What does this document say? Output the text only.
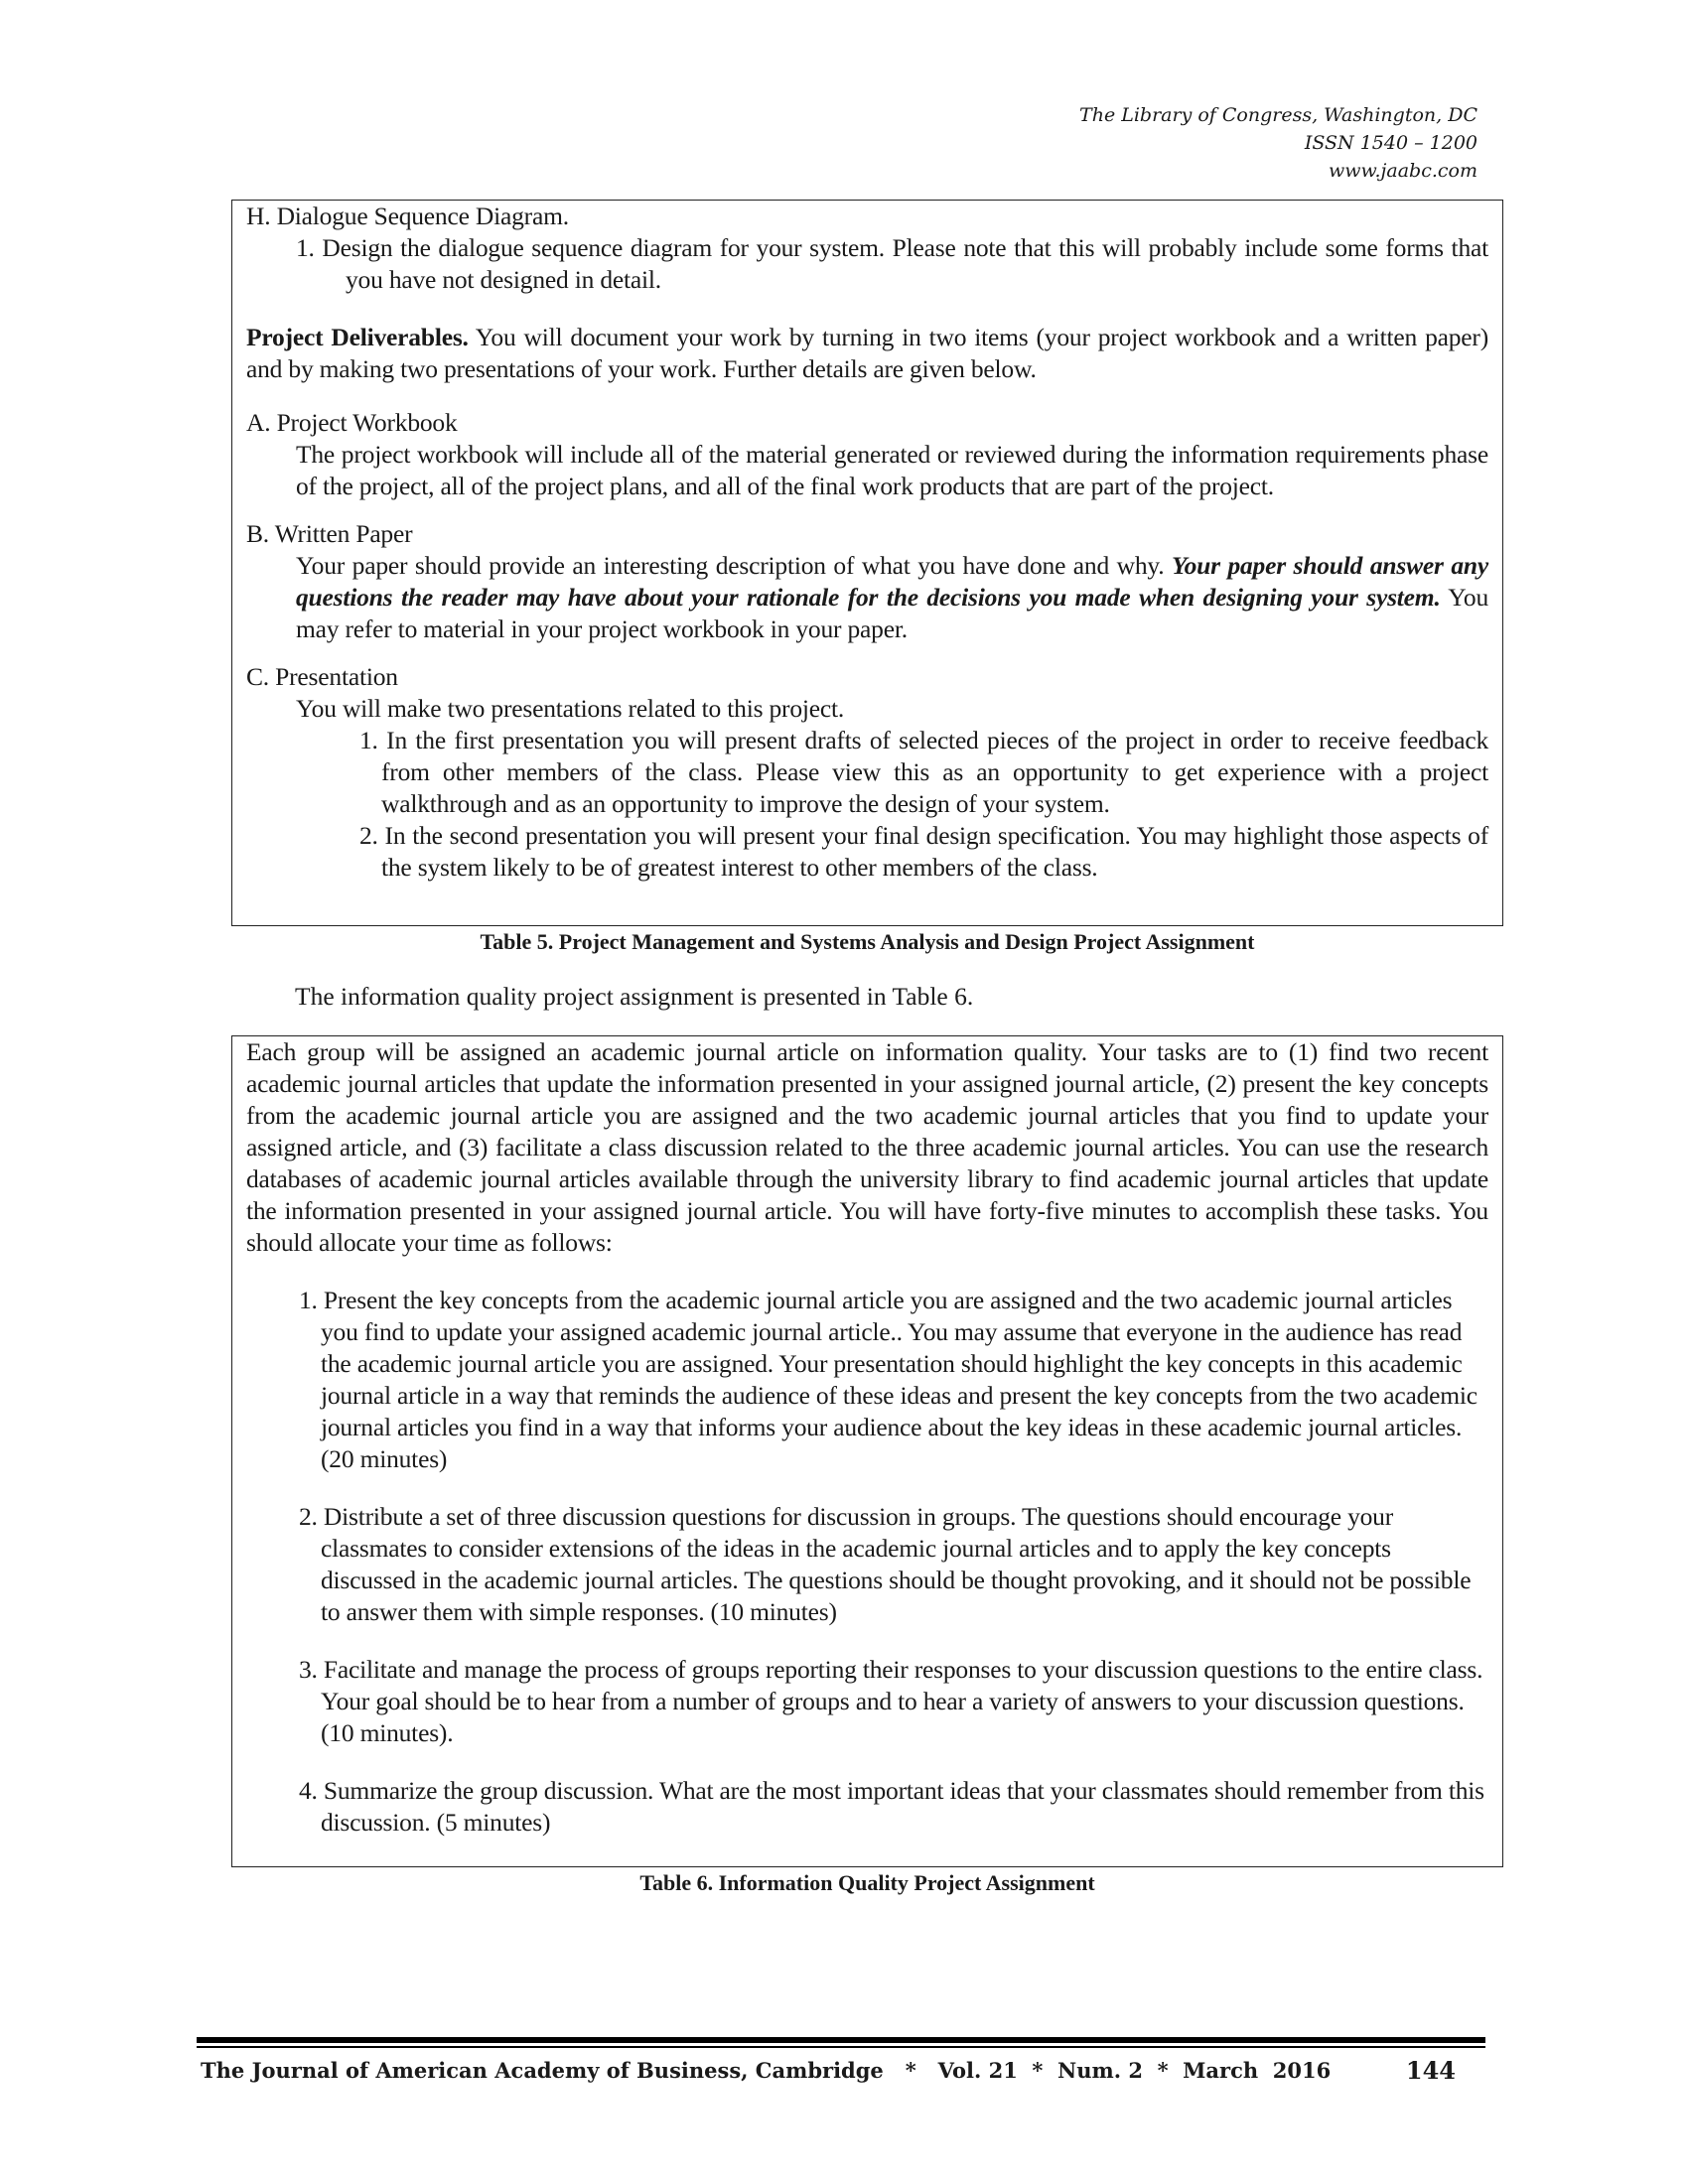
The Library of Congress, Washington, DC
ISSN 1540 – 1200
www.jaabc.com

H. Dialogue Sequence Diagram.

1. Design the dialogue sequence diagram for your system. Please note that this will probably include some forms that you have not designed in detail.

Project Deliverables. You will document your work by turning in two items (your project workbook and a written paper) and by making two presentations of your work. Further details are given below.

A. Project Workbook

The project workbook will include all of the material generated or reviewed during the information requirements phase of the project, all of the project plans, and all of the final work products that are part of the project.

B. Written Paper

Your paper should provide an interesting description of what you have done and why. Your paper should answer any questions the reader may have about your rationale for the decisions you made when designing your system. You may refer to material in your project workbook in your paper.

C. Presentation

You will make two presentations related to this project.

1. In the first presentation you will present drafts of selected pieces of the project in order to receive feedback from other members of the class. Please view this as an opportunity to get experience with a project walkthrough and as an opportunity to improve the design of your system.

2. In the second presentation you will present your final design specification. You may highlight those aspects of the system likely to be of greatest interest to other members of the class.

Table 5. Project Management and Systems Analysis and Design Project Assignment
The information quality project assignment is presented in Table 6.

Each group will be assigned an academic journal article on information quality. Your tasks are to (1) find two recent academic journal articles that update the information presented in your assigned journal article, (2) present the key concepts from the academic journal article you are assigned and the two academic journal articles that you find to update your assigned article, and (3) facilitate a class discussion related to the three academic journal articles. You can use the research databases of academic journal articles available through the university library to find academic journal articles that update the information presented in your assigned journal article. You will have forty-five minutes to accomplish these tasks. You should allocate your time as follows:

1. Present the key concepts from the academic journal article you are assigned and the two academic journal articles you find to update your assigned academic journal article.. You may assume that everyone in the audience has read the academic journal article you are assigned. Your presentation should highlight the key concepts in this academic journal article in a way that reminds the audience of these ideas and present the key concepts from the two academic journal articles you find in a way that informs your audience about the key ideas in these academic journal articles. (20 minutes)

2. Distribute a set of three discussion questions for discussion in groups. The questions should encourage your classmates to consider extensions of the ideas in the academic journal articles and to apply the key concepts discussed in the academic journal articles. The questions should be thought provoking, and it should not be possible to answer them with simple responses. (10 minutes)

3. Facilitate and manage the process of groups reporting their responses to your discussion questions to the entire class. Your goal should be to hear from a number of groups and to hear a variety of answers to your discussion questions. (10 minutes).

4. Summarize the group discussion. What are the most important ideas that your classmates should remember from this discussion. (5 minutes)

Table 6. Information Quality Project Assignment
The Journal of American Academy of Business, Cambridge   *   Vol. 21  *  Num. 2  *  March  2016	144
